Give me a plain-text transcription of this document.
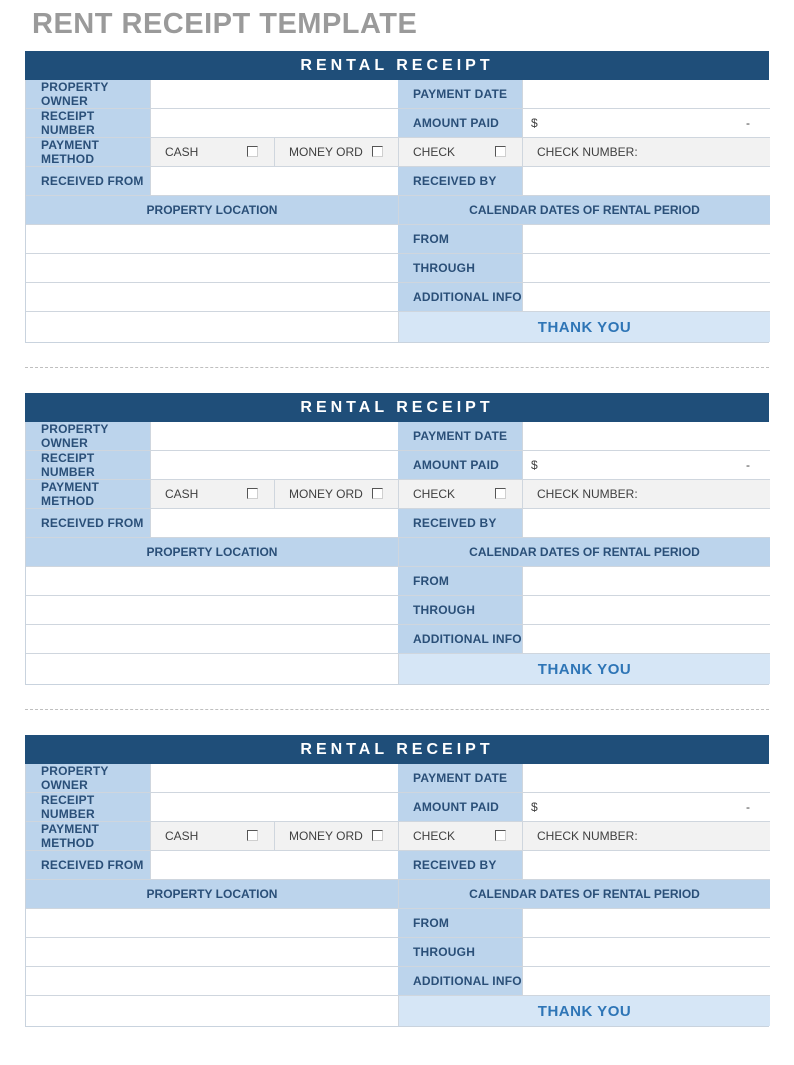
RENT RECEIPT TEMPLATE
RENTAL RECEIPT
PROPERTY OWNER	PAYMENT DATE
RECEIPT NUMBER	AMOUNT PAID	$	-
PAYMENT METHOD	CASH	MONEY ORD	CHECK	CHECK NUMBER:
RECEIVED FROM	RECEIVED BY
PROPERTY LOCATION	CALENDAR DATES OF RENTAL PERIOD
FROM
THROUGH
ADDITIONAL INFO
THANK YOU
RENTAL RECEIPT
PROPERTY OWNER	PAYMENT DATE
RECEIPT NUMBER	AMOUNT PAID	$	-
PAYMENT METHOD	CASH	MONEY ORD	CHECK	CHECK NUMBER:
RECEIVED FROM	RECEIVED BY
PROPERTY LOCATION	CALENDAR DATES OF RENTAL PERIOD
FROM
THROUGH
ADDITIONAL INFO
THANK YOU
RENTAL RECEIPT
PROPERTY OWNER	PAYMENT DATE
RECEIPT NUMBER	AMOUNT PAID	$	-
PAYMENT METHOD	CASH	MONEY ORD	CHECK	CHECK NUMBER:
RECEIVED FROM	RECEIVED BY
PROPERTY LOCATION	CALENDAR DATES OF RENTAL PERIOD
FROM
THROUGH
ADDITIONAL INFO
THANK YOU
